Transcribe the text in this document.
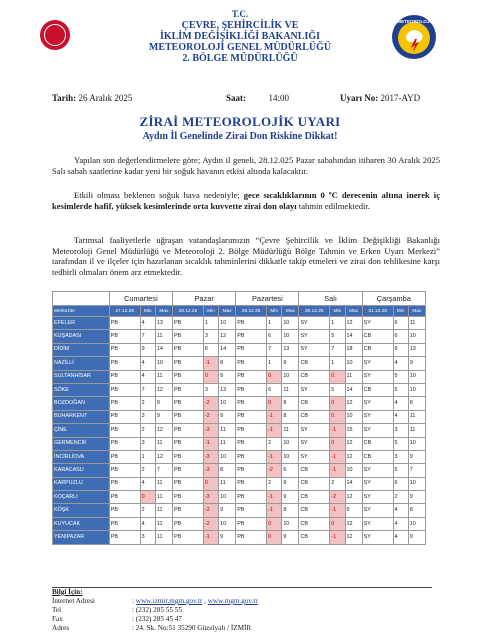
METEOROLOJİ
T.C.
ÇEVRE, ŞEHİRCİLİK VE
İKLİM DEĞİŞİKLİĞİ BAKANLIĞI
METEOROLOJİ GENEL MÜDÜRLÜĞÜ
2. BÖLGE MÜDÜRLÜĞÜ
Tarih: 26 Aralık 2025	Saat:	14:00	Uyarı No: 2017-AYD
ZİRAİ METEOROLOJİK UYARI
Aydın İl Genelinde Zirai Don Riskine Dikkat!
Yapılan son değerlendirmelere göre; Aydın il geneli, 28.12.025 Pazar sabahından itibaren 30 Aralık 2025 Salı sabah saatlerine kadar yeni bir soğuk havanın etkisi altında kalacaktır.
Etkili olması beklenen soğuk hava nedeniyle; gece sıcaklıklarının 0 ºC derecenin altına inerek iç kesimlerde hafif, yüksek kesimlerinde orta kuvvette zirai don olayı tahmin edilmektedir.
Tarımsal faaliyetlerle uğraşan vatandaşlarımızın “Çevre Şehircilik ve İklim Değişikliği Bakanlığı Meteoroloji Genel Müdürlüğü ve Meteoroloji 2. Bölge Müdürlüğü Bölge Tahmin ve Erken Uyarı Merkezi” tarafından il ve ilçeler için hazırlanan sıcaklık tahminlerini dikkatle takip etmeleri ve zirai don tehlikesine karşı tedbirli olmaları önem arz etmektedir.
	Cumartesi			Pazar			Pazartesi			Salı			Çarşamba		
Merkezler	27.12.25	Min	Max	28.12.25	Min	Max	29.12.25	Min	Max	30.12.25	Min	Max	31.12.25	Min	Max
EFELER	PB	4	13	PB	1	10	PB	1	10	SY	1	12	SY	6	11
KUŞADASI	PB	7	11	PB	3	12	PB	6	10	SY	5	14	CB	6	10
DİDİM	PB	9	14	PB	6	14	PB	7	13	SY	7	18	CB	9	13
NAZİLLİ	PB	4	10	PB	-1	8	PB	1	9	CB	1	10	SY	4	9
SULTANHİSAR	PB	4	11	PB	0	9	PB	0	10	CB	0	11	SY	5	10
SÖKE	PB	7	12	PB	3	13	PB	6	11	SY	5	14	CB	5	10
BOZDOĞAN	PB	2	9	PB	-2	10	PB	0	8	CB	0	12	SY	4	8
BUHARKENT	PB	3	9	PB	-2	9	PB	-1	8	CB	0	10	SY	4	11
ÇİNE	PB	2	12	PB	-3	11	PB	-1	11	SY	-1	15	SY	3	11
GERMENCİK	PB	3	11	PB	-1	11	PB	2	10	SY	0	12	CB	5	10
İNCİRLİOVA	PB	1	12	PB	-3	10	PB	-1	10	SY	-1	12	CB	3	9
KARACASU	PB	2	7	PB	-3	8	PB	-2	6	CB	-1	10	SY	5	7
KARPUZLU	PB	4	11	PB	0	11	PB	2	9	CB	2	14	SY	6	10
KOÇARLI	PB	0	11	PB	-3	10	PB	-1	9	CB	-2	12	SY	2	9
KÖŞK	PB	2	11	PB	-2	9	PB	-1	8	CB	-1	9	SY	4	8
KUYUCAK	PB	4	11	PB	-2	10	PB	0	10	CB	0	12	SY	4	10
YENİPAZAR	PB	3	11	PB	-1	9	PB	0	9	CB	-1	12	SY	4	9
Bilgi İçin:
İnternet Adresi	: www.izmir.mgm.gov.tr , www.mgm.gov.tr
Tel	: (232) 285 55 55
Fax	: (232) 285 45 47
Adres	: 24. Sk. No:51 35290 Güzelyalı / İZMİR
